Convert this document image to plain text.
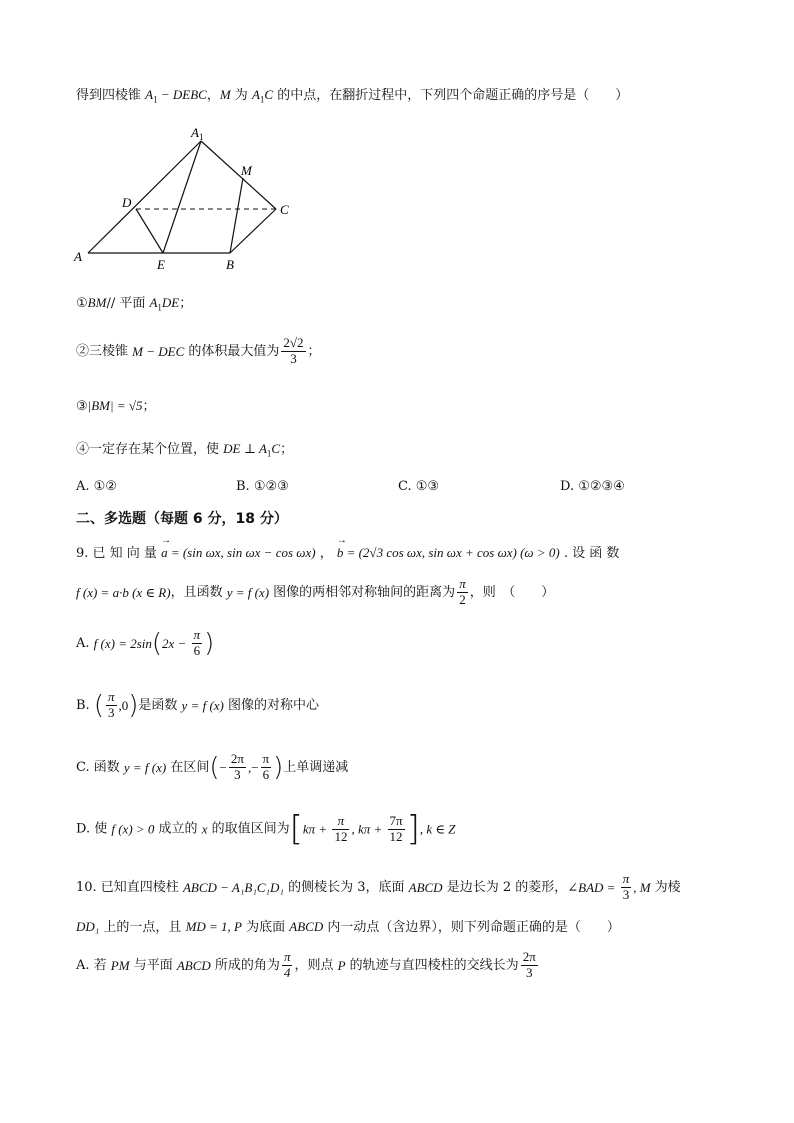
得到四棱锥 $A_1$ − DEBC，M 为 $A_1C$ 的中点，在翻折过程中，下列四个命题正确的序号是（　　）
$A_1$
M
D	C
A
E	B
①BM// 平面 $A_1DE$；
②三棱锥 M − DEC 的体积最大值为 $\frac{2√2}{3}$ ；
③|BM| = √5；
④一定存在某个位置，使 DE ⊥ $A_1C$；
A. ①②	B. ①②③	C. ①③	D. ①②③④
二、多选题（每题 6 分，18 分）
9. 已 知 向 量
→
a = (sin ωx, sin ωx − cos ωx) ，
→
b = (2√3 cos ωx, sin ωx + cos ωx) (ω > 0) . 设 函 数
f (x) = a·b (x ∈ R)，且函数 y = f (x) 图像的两相邻对称轴间的距离为 $\frac{\pi}{2}$ ，则　（　　）
A. f $(x) = 2\sin(2x - \frac{\pi}{6}$ )
B. ( $\frac{\pi}{3} ,0$)是函数 y = f (x) 图像的对称中心
C. 函数 y = f (x) 在区间(− $\frac{2\pi}{3}$ ,− $\frac{\pi}{6}$ )上单调递减
D. 使 f (x) > 0 成立的 x 的取值区间为[$k\pi + \frac{\pi}{12}$ , $k\pi + \frac{7\pi}{12}$ ], k ∈ Z
10. 已知直四棱柱 ABCD − A₁B₁C₁D₁ 的侧棱长为 3，底面 ABCD 是边长为 2 的菱形，∠BAD = $\frac{\pi}{3}$ , M 为棱
DD₁ 上的一点，且 MD = 1, P 为底面 ABCD 内一动点（含边界），则下列命题正确的是（　　）
A. 若 PM 与平面 ABCD 所成的角为 $\frac{\pi}{4}$ ，则点 P 的轨迹与直四棱柱的交线长为 $\frac{2\pi}{3}$
